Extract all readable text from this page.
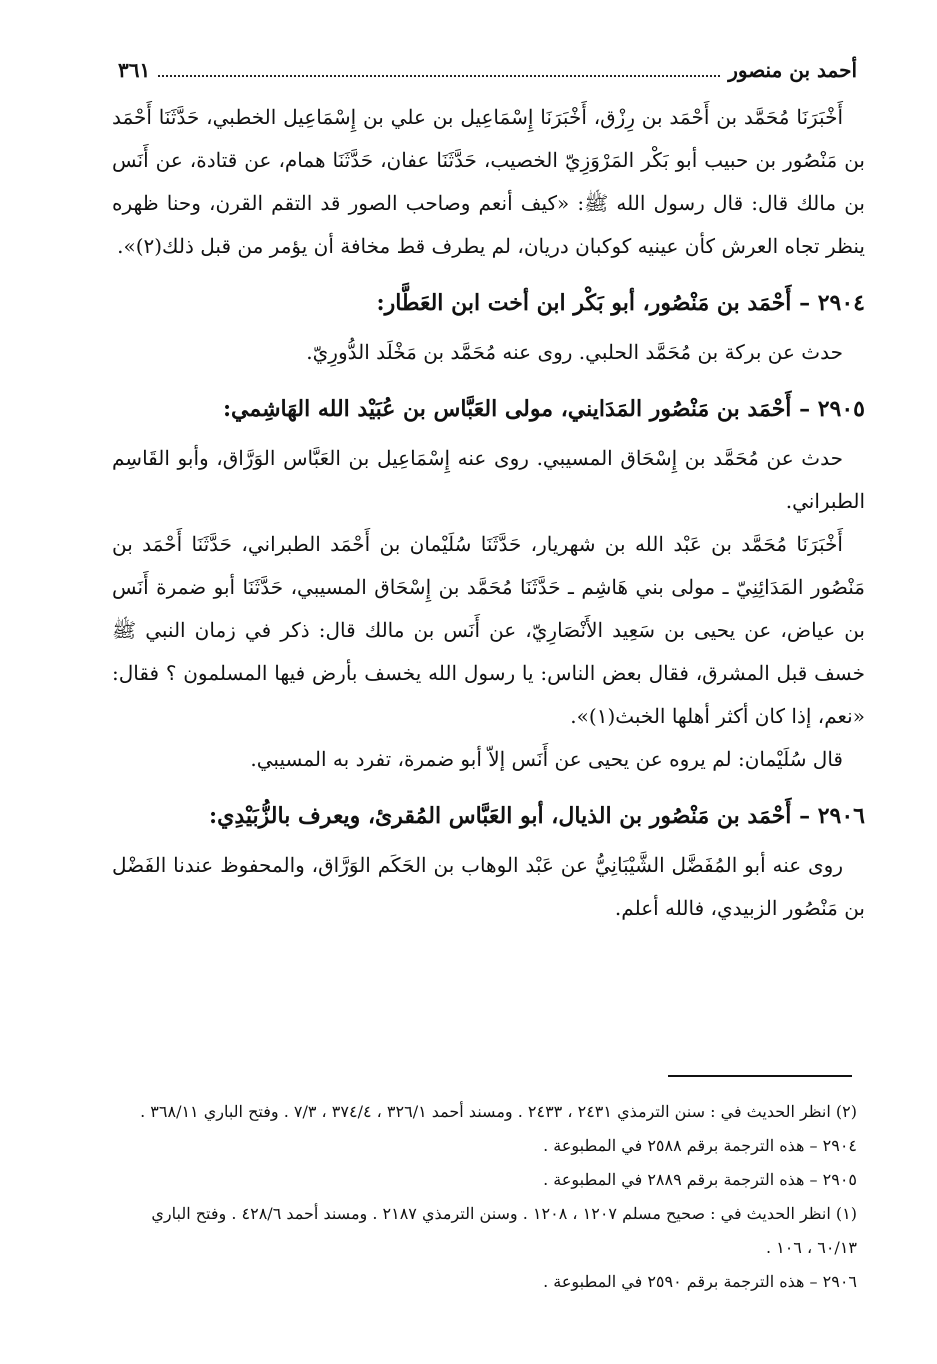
أحمد بن منصور
٣٦١

أَخْبَرَنَا مُحَمَّد بن أَحْمَد بن رِزْق، أَخْبَرَنَا إِسْمَاعِيل بن علي بن إِسْمَاعِيل الخطبي، حَدَّثَنَا أَحْمَد بن مَنْصُور بن حبيب أبو بَكْر المَرْوَزِيّ الخصيب، حَدَّثَنَا عفان، حَدَّثَنَا همام، عن قتادة، عن أَنَس بن مالك قال: قال رسول الله ﷺ: «كيف أنعم وصاحب الصور قد التقم القرن، وحنا ظهره ينظر تجاه العرش كأن عينيه كوكبان دريان، لم يطرف قط مخافة أن يؤمر من قبل ذلك(٢)».

٢٩٠٤ – أَحْمَد بن مَنْصُور، أبو بَكْر ابن أخت ابن العَطَّار:

حدث عن بركة بن مُحَمَّد الحلبي. روى عنه مُحَمَّد بن مَخْلَد الدُّورِيّ.

٢٩٠٥ – أَحْمَد بن مَنْصُور المَدَايني، مولى العَبَّاس بن عُبَيْد الله الهَاشِمي:

حدث عن مُحَمَّد بن إِسْحَاق المسيبي. روى عنه إِسْمَاعِيل بن العَبَّاس الوَرَّاق، وأبو القَاسِم الطبراني.

أَخْبَرَنَا مُحَمَّد بن عَبْد الله بن شهريار، حَدَّثَنَا سُلَيْمان بن أَحْمَد الطبراني، حَدَّثَنَا أَحْمَد بن مَنْصُور المَدَائِنِيّ ـ مولى بني هَاشِم ـ حَدَّثَنَا مُحَمَّد بن إِسْحَاق المسيبي، حَدَّثَنَا أبو ضمرة أَنَس بن عياض، عن يحيى بن سَعِيد الأَنْصَارِيّ، عن أَنَس بن مالك قال: ذكر في زمان النبي ﷺ خسف قبل المشرق، فقال بعض الناس: يا رسول الله يخسف بأرض فيها المسلمون ؟ فقال: «نعم، إذا كان أكثر أهلها الخبث(١)».

قال سُلَيْمان: لم يروه عن يحيى عن أَنَس إلاّ أبو ضمرة، تفرد به المسيبي.

٢٩٠٦ – أَحْمَد بن مَنْصُور بن الذيال، أبو العَبَّاس المُقرئ، ويعرف بالزُّبَيْدِي:

روى عنه أبو المُفَضَّل الشَّيْبَانِيُّ عن عَبْد الوهاب بن الحَكَم الوَرَّاق، والمحفوظ عندنا الفَضْل بن مَنْصُور الزبيدي، فالله أعلم.

(٢) انظر الحديث في : سنن الترمذي ٢٤٣١ ، ٢٤٣٣ . ومسند أحمد ٣٢٦/١ ، ٣٧٤/٤ ، ٧/٣ . وفتح الباري ٣٦٨/١١ .

٢٩٠٤ – هذه الترجمة برقم ٢٥٨٨ في المطبوعة .

٢٩٠٥ – هذه الترجمة برقم ٢٨٨٩ في المطبوعة .

(١) انظر الحديث في : صحيح مسلم ١٢٠٧ ، ١٢٠٨ . وسنن الترمذي ٢١٨٧ . ومسند أحمد ٤٢٨/٦ . وفتح الباري ٦٠/١٣ ، ١٠٦ .

٢٩٠٦ – هذه الترجمة برقم ٢٥٩٠ في المطبوعة .
